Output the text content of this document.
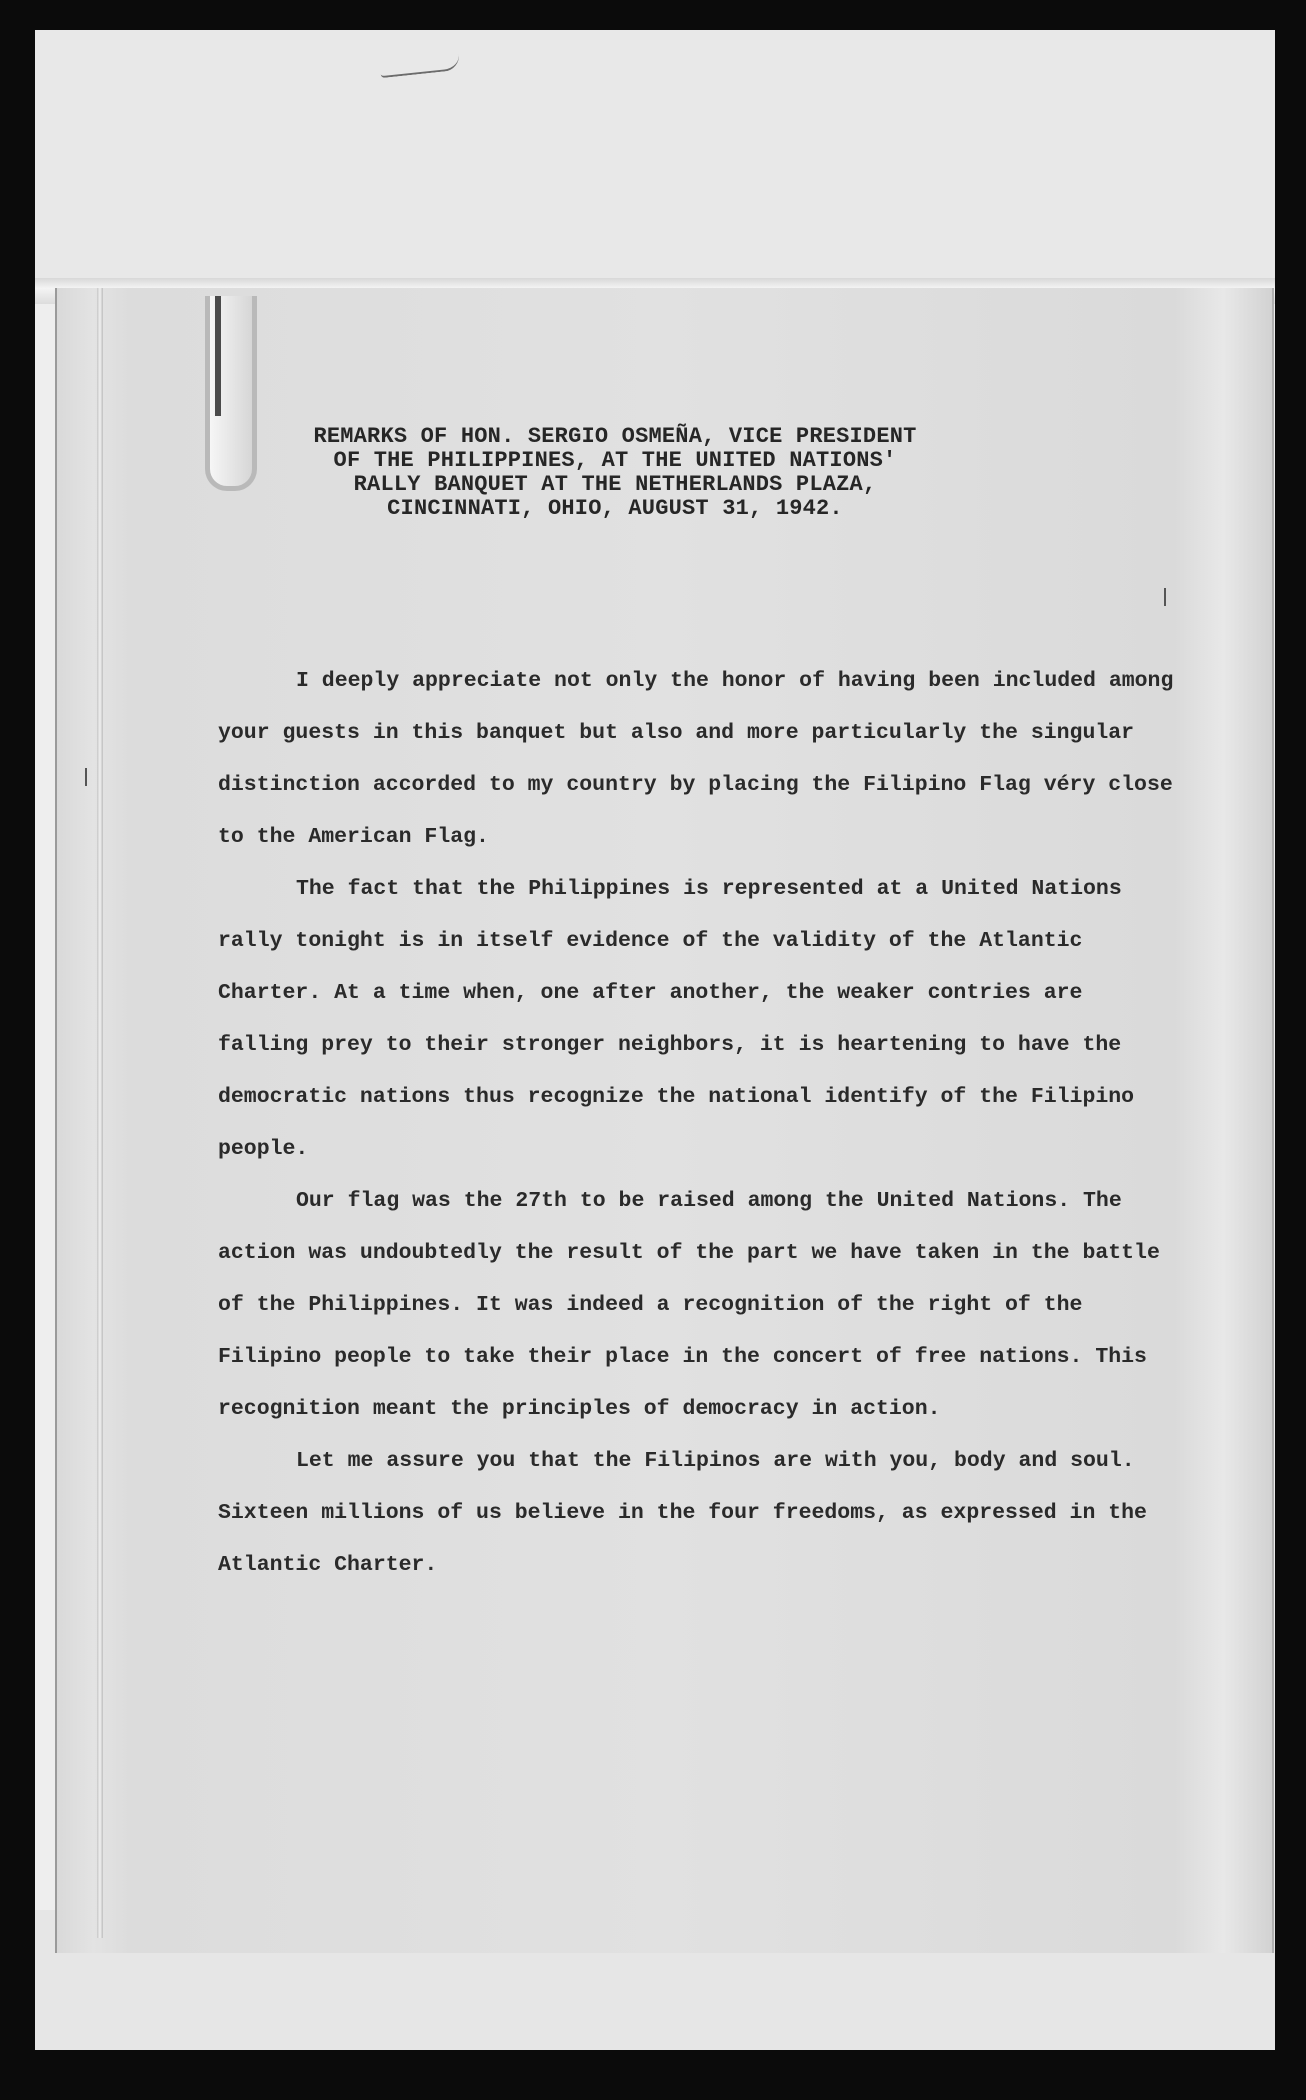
REMARKS OF HON. SERGIO OSMEÑA, VICE PRESIDENT
OF THE PHILIPPINES, AT THE UNITED NATIONS'
RALLY BANQUET AT THE NETHERLANDS PLAZA,
CINCINNATI, OHIO, AUGUST 31, 1942.

I deeply appreciate not only the honor of having been included among your guests in this banquet but also and more particularly the singular distinction accorded to my country by placing the Filipino Flag véry close to the American Flag.

The fact that the Philippines is represented at a United Nations rally tonight is in itself evidence of the validity of the Atlantic Charter. At a time when, one after another, the weaker contries are falling prey to their stronger neighbors, it is heartening to have the democratic nations thus recognize the national identify of the Filipino people.

Our flag was the 27th to be raised among the United Nations. The action was undoubtedly the result of the part we have taken in the battle of the Philippines. It was indeed a recognition of the right of the Filipino people to take their place in the concert of free nations. This recognition meant the principles of democracy in action.

Let me assure you that the Filipinos are with you, body and soul. Sixteen millions of us believe in the four freedoms, as expressed in the Atlantic Charter.
